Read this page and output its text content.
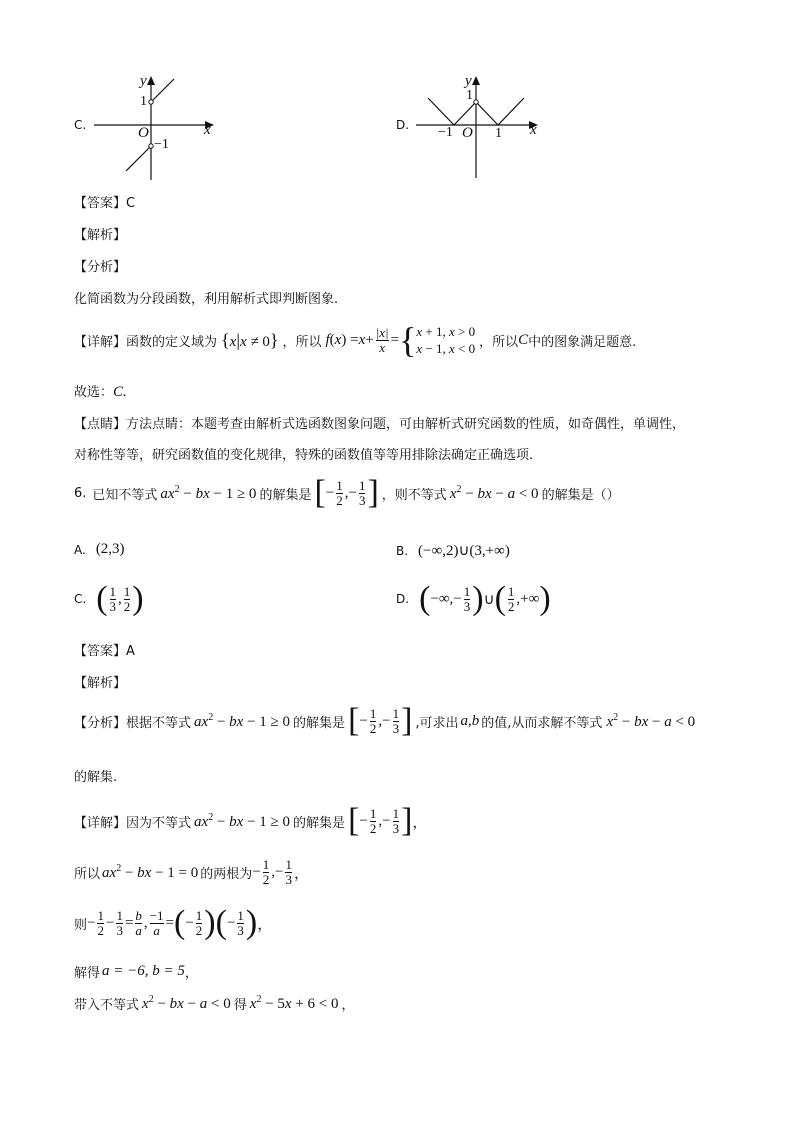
C.
y
1
O	x
−1
D.
y
1
−1 O 1 x
【答案】C
【解析】
【分析】
化简函数为分段函数，利用解析式即判断图象.
【详解】 函数的定义域为 {x|x ≠ 0} ，所以 f ( x ) = $x + \frac{|x|}{x}$ = { x + 1, x > 0
x − 1, x < 0 ，所以 C 中的图象满足题意.
故选：C.
【点睛】方法点睛：本题考查由解析式选函数图象问题，可由解析式研究函数的性质，如奇偶性，单调性，
对称性等等，研究函数值的变化规律，特殊的函数值等等用排除法确定正确选项.
6. 已知不等式 $ax^2$ − bx − 1 ≥ 0 的解集是 [ − $\frac{1}{2}$ ,− $\frac{1}{3}$ ] ，则不等式 $x^2$ − bx − a < 0 的解集是（）
A. (2,3)	B. (−∞,2)∪(3,+∞)
C. ( $\frac{1}{3}$ , $\frac{1}{2}$ )	D. ( −∞,− $\frac{1}{3}$ ) ∪ ( $\frac{1}{2}$ ,+∞ )
【答案】A
【解析】
【分析】 根据不等式 $ax^2$ − bx − 1 ≥ 0 的解集是 [ − $\frac{1}{2}$ ,− $\frac{1}{3}$ ] ,可求出 a,b 的值,从而求解不等式 $x^2$ − bx − a < 0
的解集.
【详解】 因为不等式 $ax^2$ − bx − 1 ≥ 0 的解集是 [ − $\frac{1}{2}$ ,− $\frac{1}{3}$ ] ，
所以 $ax^2$ − bx − 1 = 0 的两根为 − $\frac{1}{2}$ ,− $\frac{1}{3}$ ，
则 − $\frac{1}{2} - \frac{1}{3} = \frac{b}{a}$ , $\frac{-1}{a}$ = ( − $\frac{1}{2}$ ) ( − $\frac{1}{3}$ ) ，
解得 a = −6, b = 5 ，
带入不等式 $x^2$ − bx − a < 0 得 $x^2 - 5x + 6 < 0$ ，
